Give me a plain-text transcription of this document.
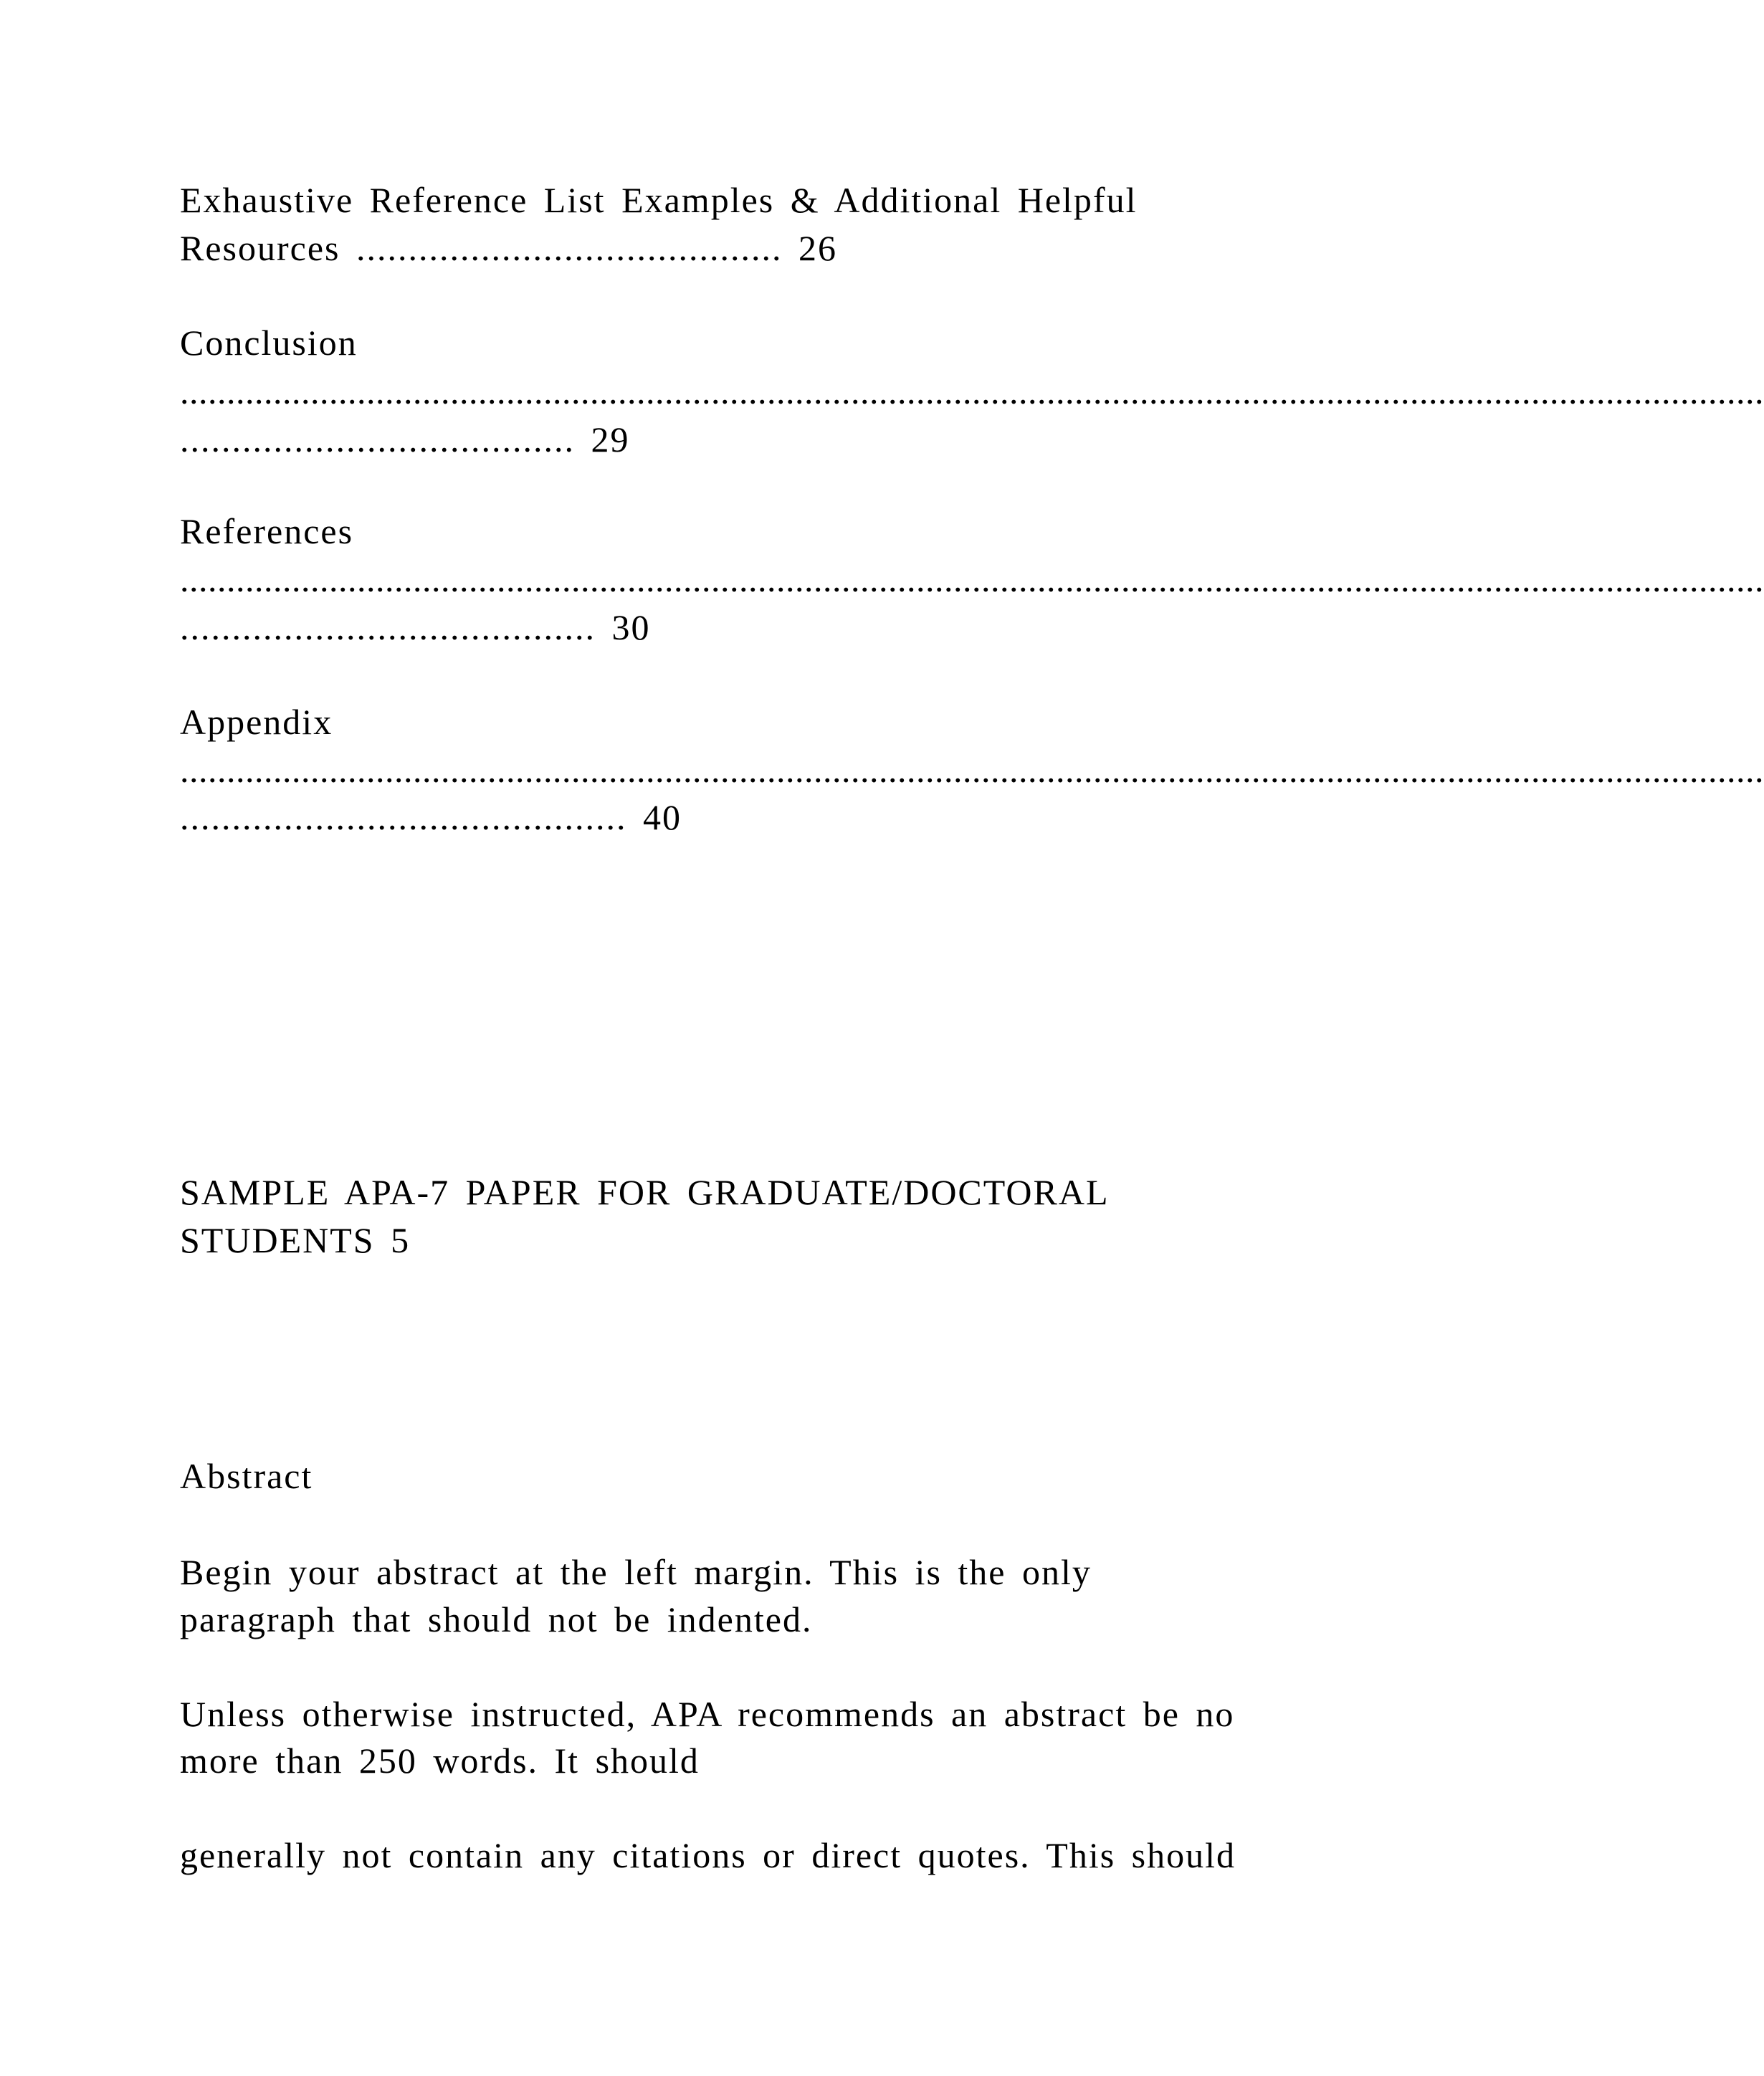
Exhaustive Reference List Examples & Additional Helpful
Resources ......................................... 26
Conclusion
..........................................................................................................................................................................
...................................... 29
References
..........................................................................................................................................................................
........................................ 30
Appendix
..........................................................................................................................................................................
........................................... 40
SAMPLE APA-7 PAPER FOR GRADUATE/DOCTORAL
STUDENTS 5
Abstract
Begin your abstract at the left margin. This is the only
paragraph that should not be indented.
Unless otherwise instructed, APA recommends an abstract be no
more than 250 words. It should
generally not contain any citations or direct quotes. This should
